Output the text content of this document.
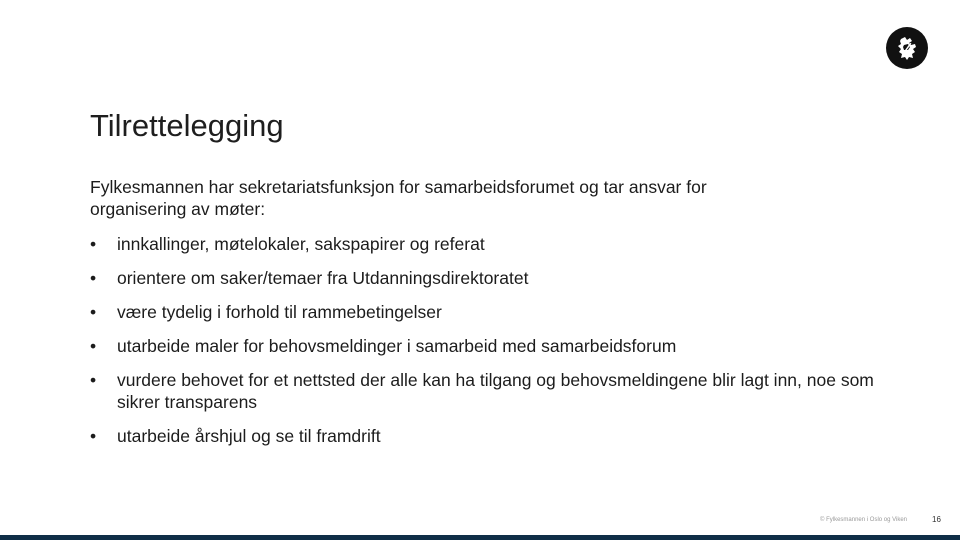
Tilrettelegging

Fylkesmannen har sekretariatsfunksjon for samarbeidsforumet og tar ansvar for
organisering av møter:

• innkallinger, møtelokaler, sakspapirer og referat
• orientere om saker/temaer fra Utdanningsdirektoratet
• være tydelig i forhold til rammebetingelser
• utarbeide maler for behovsmeldinger i samarbeid med samarbeidsforum
• vurdere behovet for et nettsted der alle kan ha tilgang og behovsmeldingene blir lagt inn, noe som sikrer transparens
• utarbeide årshjul og se til framdrift
© Fylkesmannen i Oslo og Viken	16
